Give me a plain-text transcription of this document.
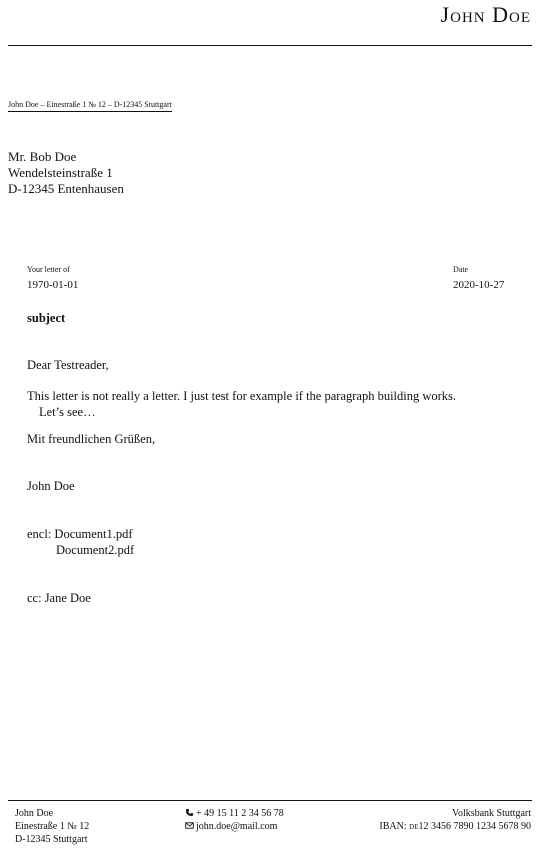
John Doe
John Doe – Einestraße 1 № 12 – D-12345 Stuttgart
Mr. Bob Doe
Wendelsteinstraße 1
D-12345 Entenhausen
Your letter of
1970-01-01
Date
2020-10-27
subject
Dear Testreader,
This letter is not really a letter. I just test for example if the paragraph building works.
Let’s see…
Mit freundlichen Grüßen,
John Doe
encl: Document1.pdf
Document2.pdf
cc: Jane Doe
John Doe
Einestraße 1 № 12
D-12345 Stuttgart
+ 49 15 11 2 34 56 78
john.doe@mail.com
Volksbank Stuttgart
IBAN: de12 3456 7890 1234 5678 90
